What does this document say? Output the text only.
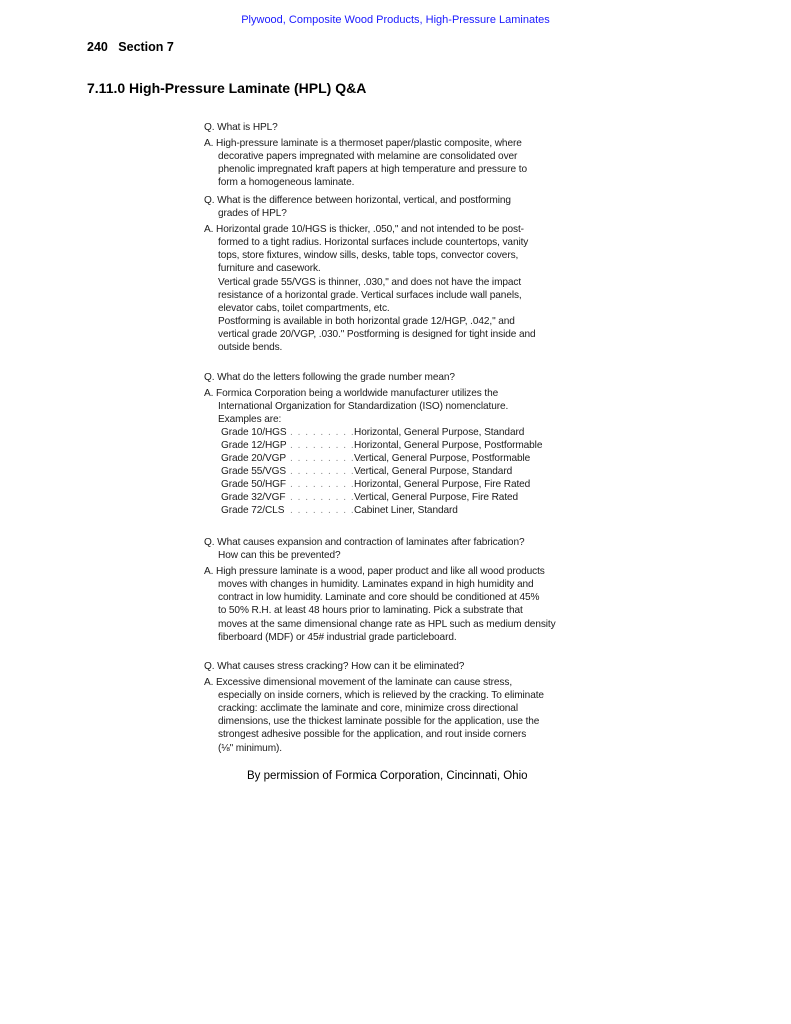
Plywood, Composite Wood Products, High-Pressure Laminates
240 Section 7
7.11.0 High-Pressure Laminate (HPL) Q&A
Q. What is HPL?
A. High-pressure laminate is a thermoset paper/plastic composite, where
decorative papers impregnated with melamine are consolidated over
phenolic impregnated kraft papers at high temperature and pressure to
form a homogeneous laminate.
Q. What is the difference between horizontal, vertical, and postforming
grades of HPL?
A. Horizontal grade 10/HGS is thicker, .050," and not intended to be post-
formed to a tight radius. Horizontal surfaces include countertops, vanity
tops, store fixtures, window sills, desks, table tops, convector covers,
furniture and casework.
Vertical grade 55/VGS is thinner, .030," and does not have the impact
resistance of a horizontal grade. Vertical surfaces include wall panels,
elevator cabs, toilet compartments, etc.
Postforming is available in both horizontal grade 12/HGP, .042," and
vertical grade 20/VGP, .030." Postforming is designed for tight inside and
outside bends.
Q. What do the letters following the grade number mean?
A. Formica Corporation being a worldwide manufacturer utilizes the
International Organization for Standardization (ISO) nomenclature.
Examples are:
Grade 10/HGS . . . . . . . . . .
Horizontal, General Purpose, Standard
Grade 12/HGP . . . . . . . . . .
Horizontal, General Purpose, Postformable
Grade 20/VGP . . . . . . . . . .
Vertical, General Purpose, Postformable
Grade 55/VGS . . . . . . . . . .
Vertical, General Purpose, Standard
Grade 50/HGF . . . . . . . . . .
Horizontal, General Purpose, Fire Rated
Grade 32/VGF . . . . . . . . . .
Vertical, General Purpose, Fire Rated
Grade 72/CLS . . . . . . . . . .
Cabinet Liner, Standard
Q. What causes expansion and contraction of laminates after fabrication?
How can this be prevented?
A. High pressure laminate is a wood, paper product and like all wood products
moves with changes in humidity. Laminates expand in high humidity and
contract in low humidity. Laminate and core should be conditioned at 45%
to 50% R.H. at least 48 hours prior to laminating. Pick a substrate that
moves at the same dimensional change rate as HPL such as medium density
fiberboard (MDF) or 45# industrial grade particleboard.
Q. What causes stress cracking? How can it be eliminated?
A. Excessive dimensional movement of the laminate can cause stress,
especially on inside corners, which is relieved by the cracking. To eliminate
cracking: acclimate the laminate and core, minimize cross directional
dimensions, use the thickest laminate possible for the application, use the
strongest adhesive possible for the application, and rout inside corners
(⅛" minimum).
By permission of Formica Corporation, Cincinnati, Ohio
